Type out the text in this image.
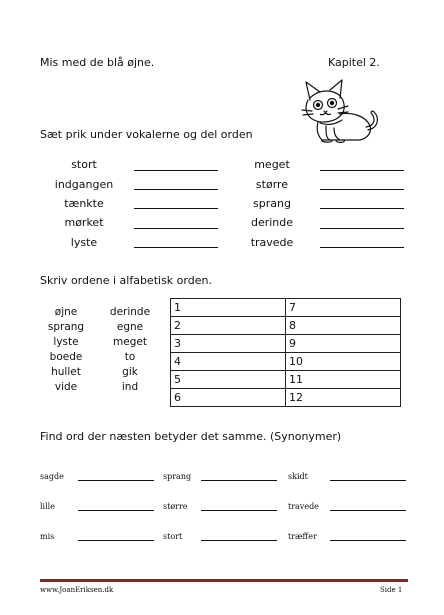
Mis med de blå øjne.	Kapitel 2.
Sæt prik under vokalerne og del orden
stort
indgangen
tænkte
mørket
lyste
meget
større
sprang
derinde
travede
Skriv ordene i alfabetisk orden.
øjne
sprang
lyste
boede
hullet
vide
derinde
egne
meget
to
gik
ind
1	7
2	8
3	9
4	10
5	11
6	12
Find ord der næsten betyder det samme. (Synonymer)
sagde	sprang	skidt
lille	større	travede
mis	stort	træffer
www.JoanEriksen.dk	Side 1
